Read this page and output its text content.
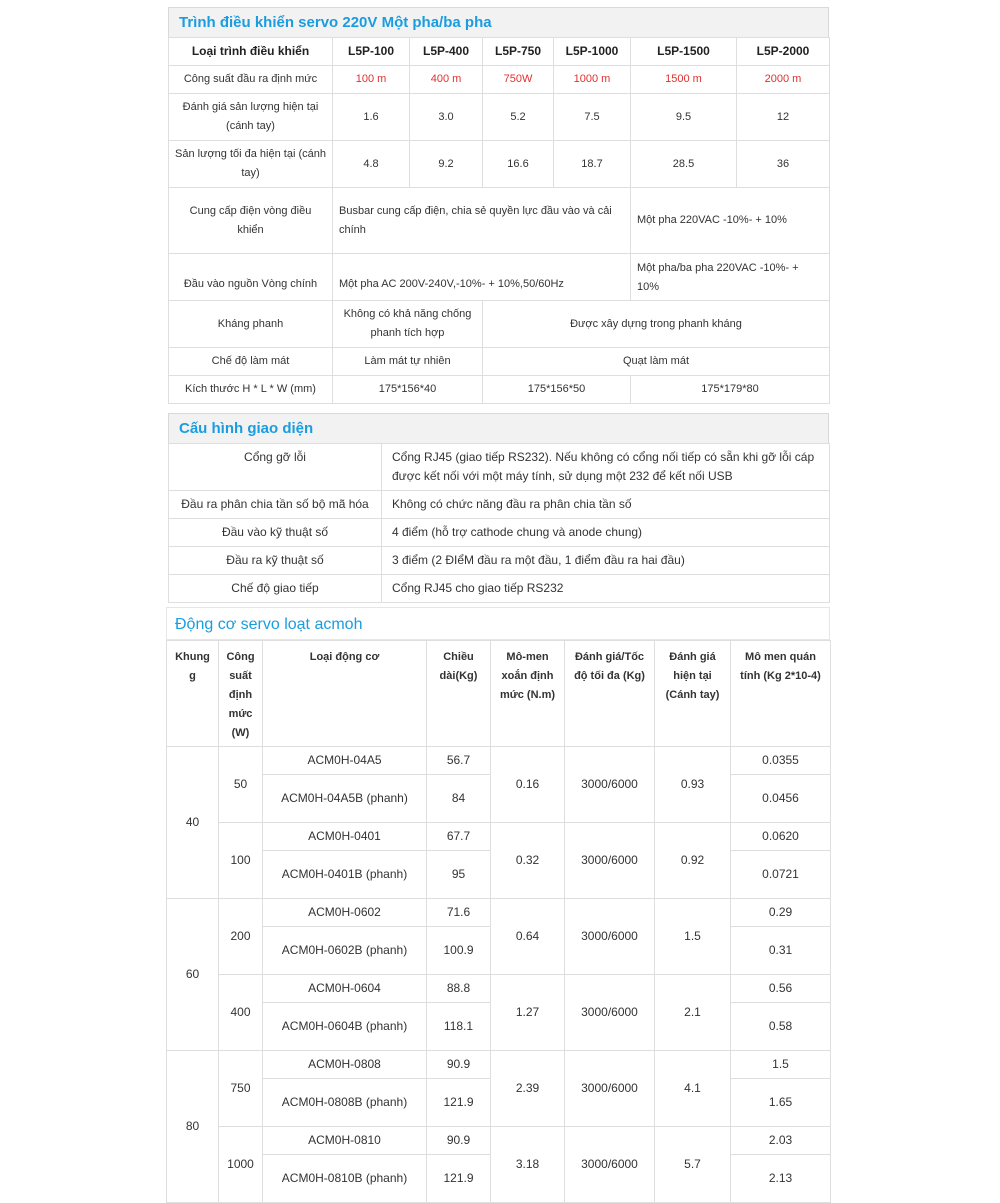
Trình điều khiển servo 220V Một pha/ba pha
Loại trình điều khiển	L5P-100	L5P-400	L5P-750	L5P-1000	L5P-1500	L5P-2000
Công suất đầu ra định mức	100 m	400 m	750W	1000 m	1500 m	2000 m
Đánh giá sản lượng hiện tại (cánh tay)	1.6	3.0	5.2	7.5	9.5	12
Sản lượng tối đa hiện tại (cánh tay)	4.8	9.2	16.6	18.7	28.5	36
Cung cấp điện vòng điều khiển	Busbar cung cấp điện, chia sẻ quyền lực đầu vào và cải chính				Một pha 220VAC -10%- + 10%	
Đầu vào nguồn Vòng chính	Một pha AC 200V-240V,-10%- + 10%,50/60Hz				Một pha/ba pha 220VAC -10%- + 10%	
Kháng phanh	Không có khả năng chống phanh tích hợp		Được xây dựng trong phanh kháng			
Chế độ làm mát	Làm mát tự nhiên		Quạt làm mát			
Kích thước H * L * W (mm)	175*156*40		175*156*50		175*179*80	
Cấu hình giao diện
Cổng gỡ lỗi	Cổng RJ45 (giao tiếp RS232). Nếu không có cổng nối tiếp có sẵn khi gỡ lỗi cáp được kết nối với một máy tính, sử dụng một 232 để kết nối USB
Đầu ra phân chia tần số bộ mã hóa	Không có chức năng đầu ra phân chia tần số
Đầu vào kỹ thuật số	4 điểm (hỗ trợ cathode chung và anode chung)
Đầu ra kỹ thuật số	3 điểm (2 ĐIểM đầu ra một đầu, 1 điểm đầu ra hai đầu)
Chế độ giao tiếp	Cổng RJ45 cho giao tiếp RS232
Động cơ servo loạt acmoh
Khung g	Công suất định mức (W)	Loại động cơ	Chiều dài(Kg)	Mô-men xoắn định mức (N.m)	Đánh giá/Tốc độ tối đa (Kg)	Đánh giá hiện tại (Cánh tay)	Mô men quán tính (Kg 2*10-4)
40	50	ACM0H-04A5	56.7	0.16	3000/6000	0.93	0.0355
		ACM0H-04A5B (phanh)	84				0.0456
	100	ACM0H-0401	67.7	0.32	3000/6000	0.92	0.0620
		ACM0H-0401B (phanh)	95				0.0721
60	200	ACM0H-0602	71.6	0.64	3000/6000	1.5	0.29
		ACM0H-0602B (phanh)	100.9				0.31
	400	ACM0H-0604	88.8	1.27	3000/6000	2.1	0.56
		ACM0H-0604B (phanh)	118.1				0.58
80	750	ACM0H-0808	90.9	2.39	3000/6000	4.1	1.5
		ACM0H-0808B (phanh)	121.9				1.65
	1000	ACM0H-0810	90.9	3.18	3000/6000	5.7	2.03
		ACM0H-0810B (phanh)	121.9				2.13
